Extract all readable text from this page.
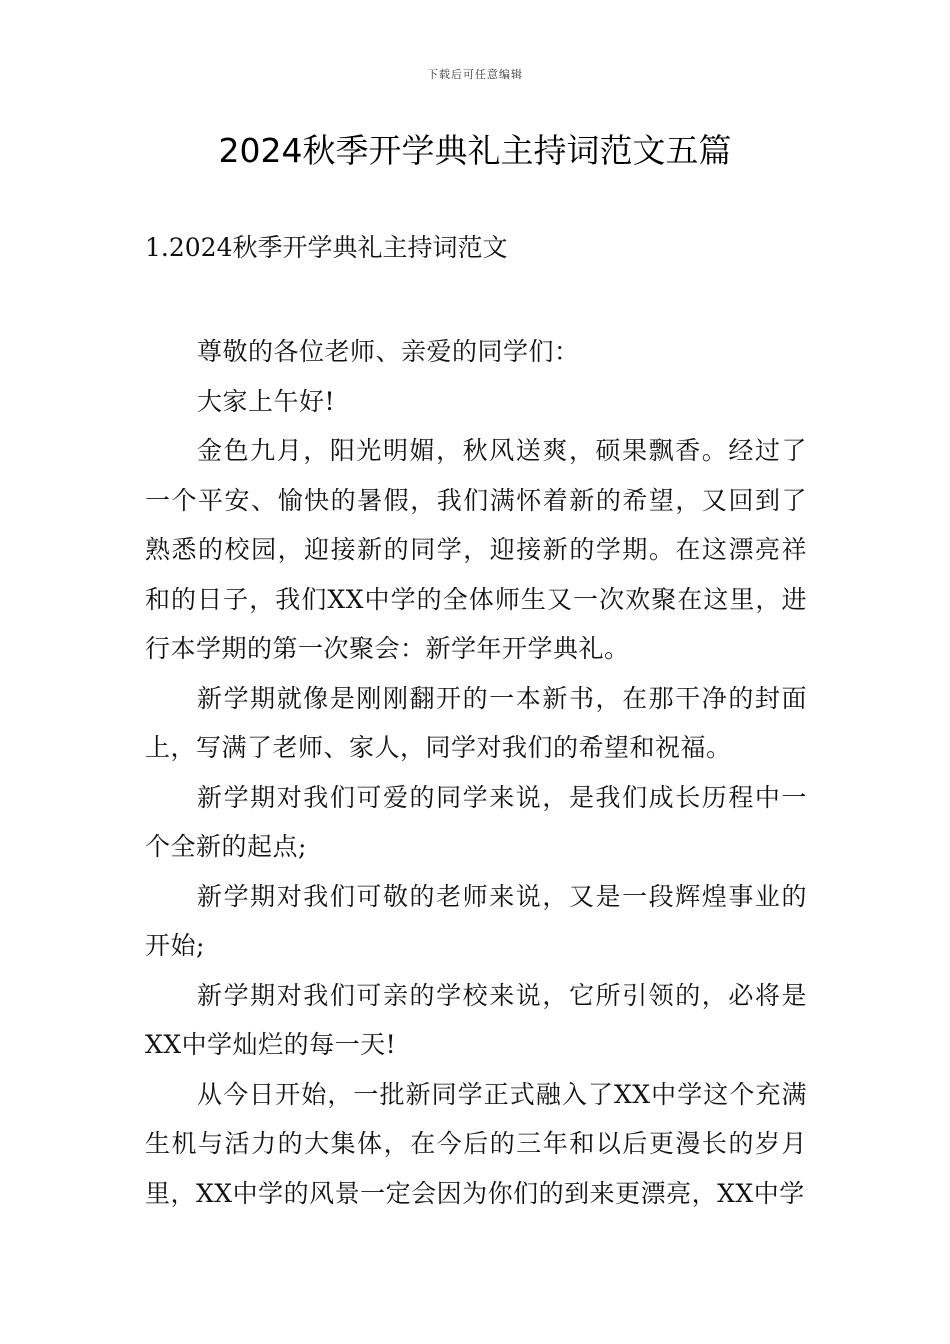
下载后可任意编辑
2024秋季开学典礼主持词范文五篇
1.2024秋季开学典礼主持词范文

尊敬的各位老师、亲爱的同学们：

大家上午好!

金色九月，阳光明媚，秋风送爽，硕果飘香。经过了一个平安、愉快的暑假，我们满怀着新的希望，又回到了熟悉的校园，迎接新的同学，迎接新的学期。在这漂亮祥和的日子，我们XX中学的全体师生又一次欢聚在这里，进行本学期的第一次聚会：新学年开学典礼。

新学期就像是刚刚翻开的一本新书，在那干净的封面上，写满了老师、家人，同学对我们的希望和祝福。

新学期对我们可爱的同学来说，是我们成长历程中一个全新的起点;

新学期对我们可敬的老师来说，又是一段辉煌事业的开始;

新学期对我们可亲的学校来说，它所引领的，必将是XX中学灿烂的每一天!

从今日开始，一批新同学正式融入了XX中学这个充满生机与活力的大集体，在今后的三年和以后更漫长的岁月里，XX中学的风景一定会因为你们的到来更漂亮，XX中学
